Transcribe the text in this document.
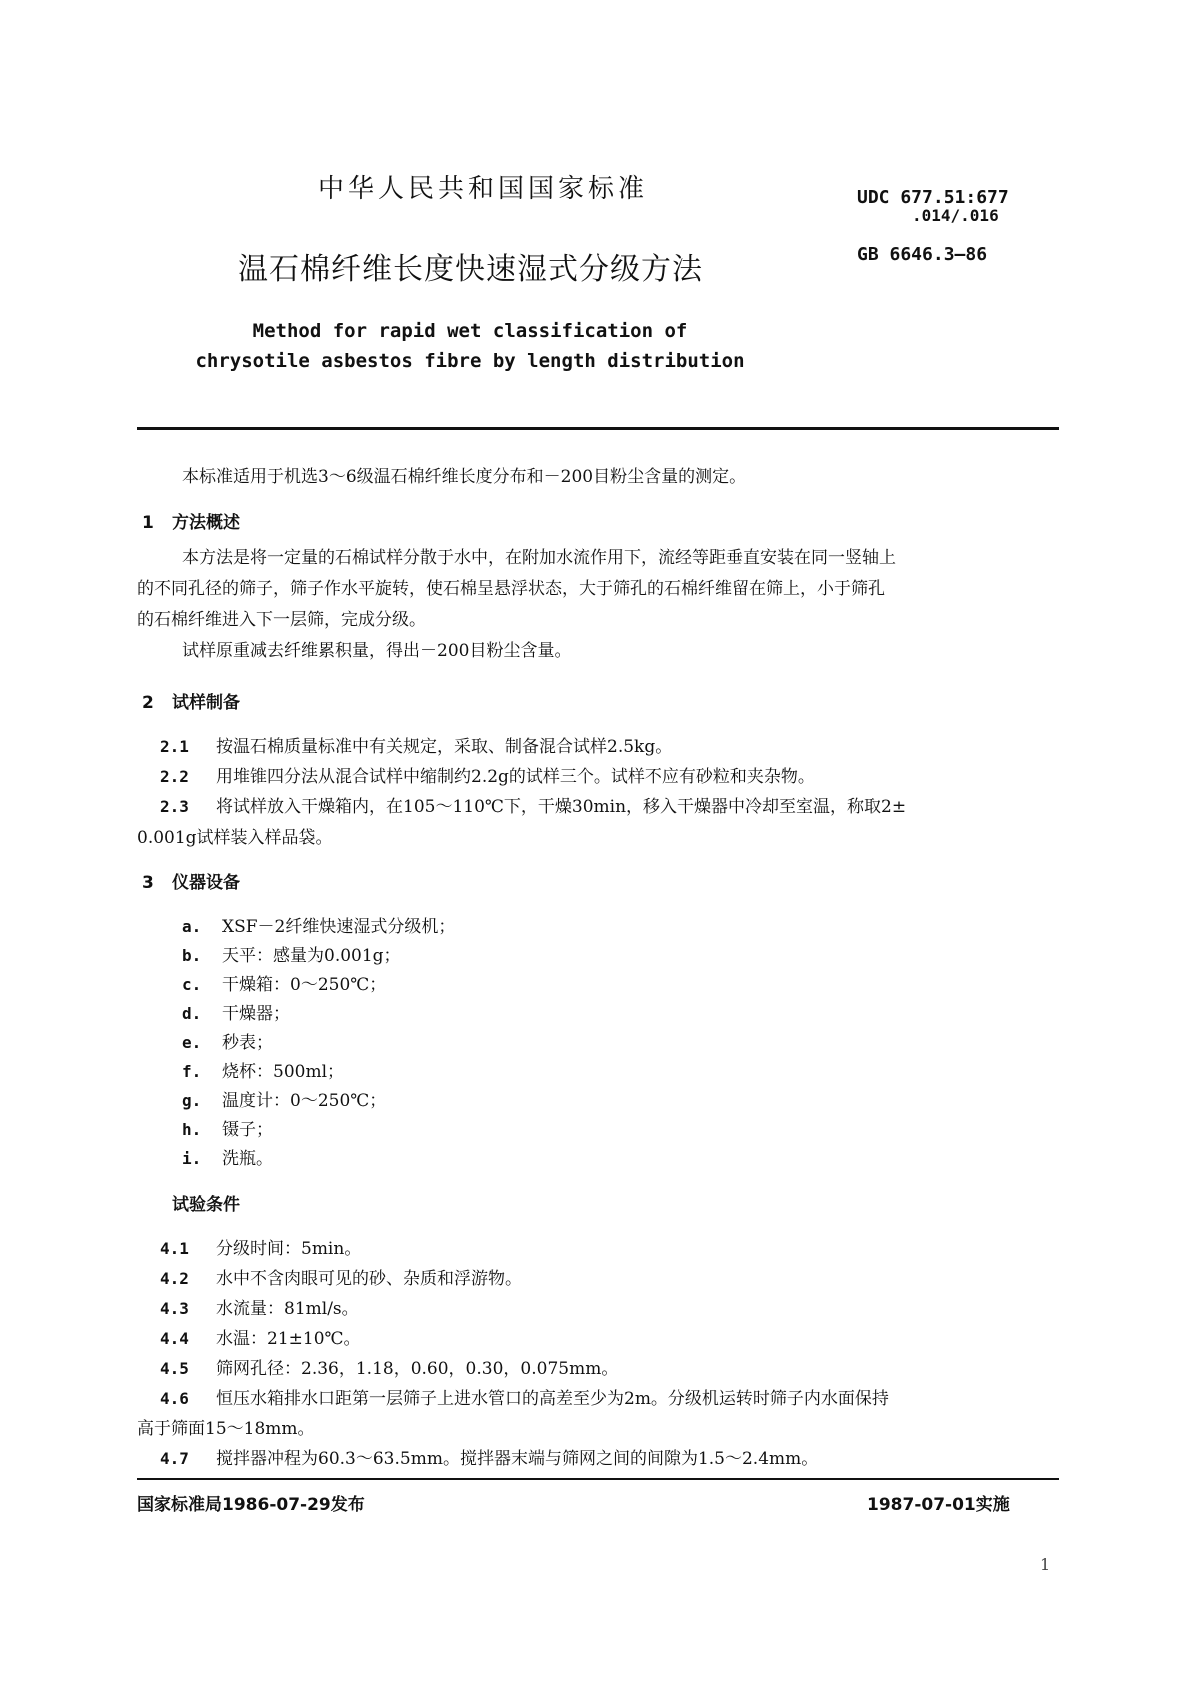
中华人民共和国国家标准	UDC 677.51:677
.014/.016
GB 6646.3—86
温石棉纤维长度快速湿式分级方法
Method for rapid wet classification of
chrysotile asbestos fibre by length distribution
本标准适用于机选3～6级温石棉纤维长度分布和－200目粉尘含量的测定。
1 方法概述
本方法是将一定量的石棉试样分散于水中，在附加水流作用下，流经等距垂直安装在同一竖轴上
的不同孔径的筛子，筛子作水平旋转，使石棉呈悬浮状态，大于筛孔的石棉纤维留在筛上，小于筛孔
的石棉纤维进入下一层筛，完成分级。
试样原重减去纤维累积量，得出－200目粉尘含量。
2 试样制备
2.1 按温石棉质量标准中有关规定，采取、制备混合试样2.5kg。
2.2 用堆锥四分法从混合试样中缩制约2.2g的试样三个。试样不应有砂粒和夹杂物。
2.3 将试样放入干燥箱内，在105～110℃下，干燥30min，移入干燥器中冷却至室温，称取2±
0.001g试样装入样品袋。
3 仪器设备
a. XSF－2纤维快速湿式分级机；
b. 天平：感量为0.001g；
c. 干燥箱：0～250℃；
d. 干燥器；
e. 秒表；
f. 烧杯：500ml；
g. 温度计：0～250℃；
h. 镊子；
i. 洗瓶。
试验条件
4.1 分级时间：5min。
4.2 水中不含肉眼可见的砂、杂质和浮游物。
4.3 水流量：81ml/s。
4.4 水温：21±10℃。
4.5 筛网孔径：2.36，1.18，0.60，0.30，0.075mm。
4.6 恒压水箱排水口距第一层筛子上进水管口的高差至少为2m。分级机运转时筛子内水面保持
高于筛面15～18mm。
4.7 搅拌器冲程为60.3～63.5mm。搅拌器末端与筛网之间的间隙为1.5～2.4mm。
国家标准局1986-07-29发布	1987-07-01实施
1
